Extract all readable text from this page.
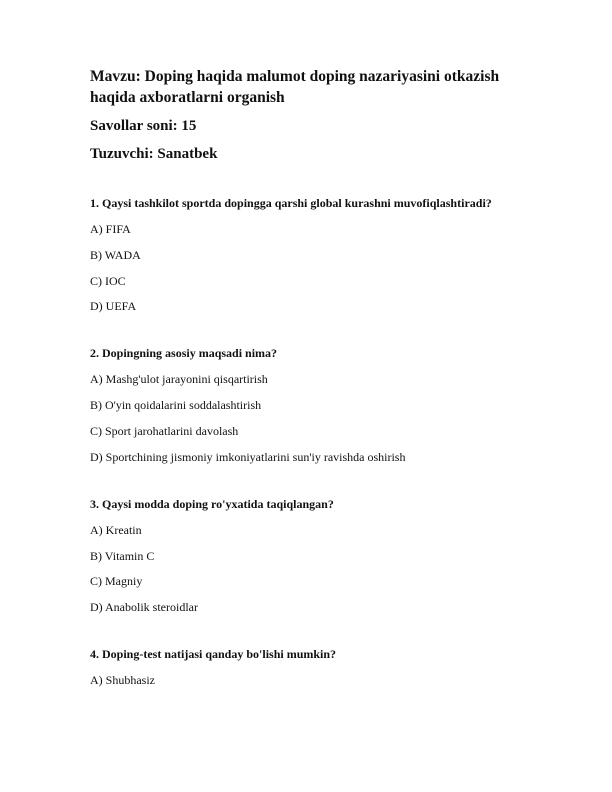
Mavzu: Doping haqida malumot doping nazariyasini otkazish haqida axboratlarni organish
Savollar soni: 15
Tuzuvchi: Sanatbek
1. Qaysi tashkilot sportda dopingga qarshi global kurashni muvofiqlashtiradi?
A) FIFA
B) WADA
C) IOC
D) UEFA
2. Dopingning asosiy maqsadi nima?
A) Mashg'ulot jarayonini qisqartirish
B) O'yin qoidalarini soddalashtirish
C) Sport jarohatlarini davolash
D) Sportchining jismoniy imkoniyatlarini sun'iy ravishda oshirish
3. Qaysi modda doping ro'yxatida taqiqlangan?
A) Kreatin
B) Vitamin C
C) Magniy
D) Anabolik steroidlar
4. Doping-test natijasi qanday bo'lishi mumkin?
A) Shubhasiz
